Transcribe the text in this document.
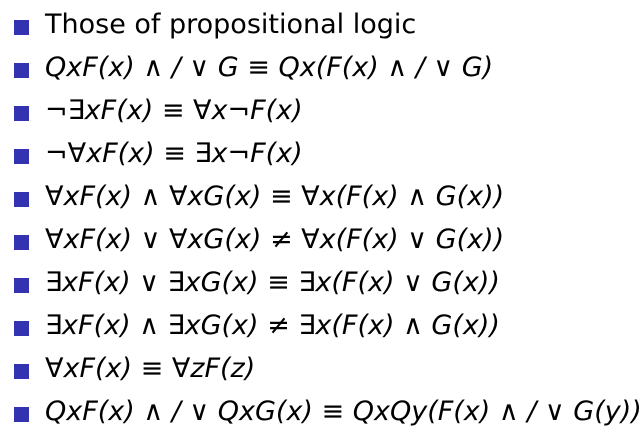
Those of propositional logic
QxF(x) ∧ / ∨ G ≡ Qx(F(x) ∧ / ∨ G)
¬∃xF(x) ≡ ∀x¬F(x)
¬∀xF(x) ≡ ∃x¬F(x)
∀xF(x) ∧ ∀xG(x) ≡ ∀x(F(x) ∧ G(x))
∀xF(x) ∨ ∀xG(x) ≠ ∀x(F(x) ∨ G(x))
∃xF(x) ∨ ∃xG(x) ≡ ∃x(F(x) ∨ G(x))
∃xF(x) ∧ ∃xG(x) ≠ ∃x(F(x) ∧ G(x))
∀xF(x) ≡ ∀zF(z)
QxF(x) ∧ / ∨ QxG(x) ≡ QxQy(F(x) ∧ / ∨ G(y))
